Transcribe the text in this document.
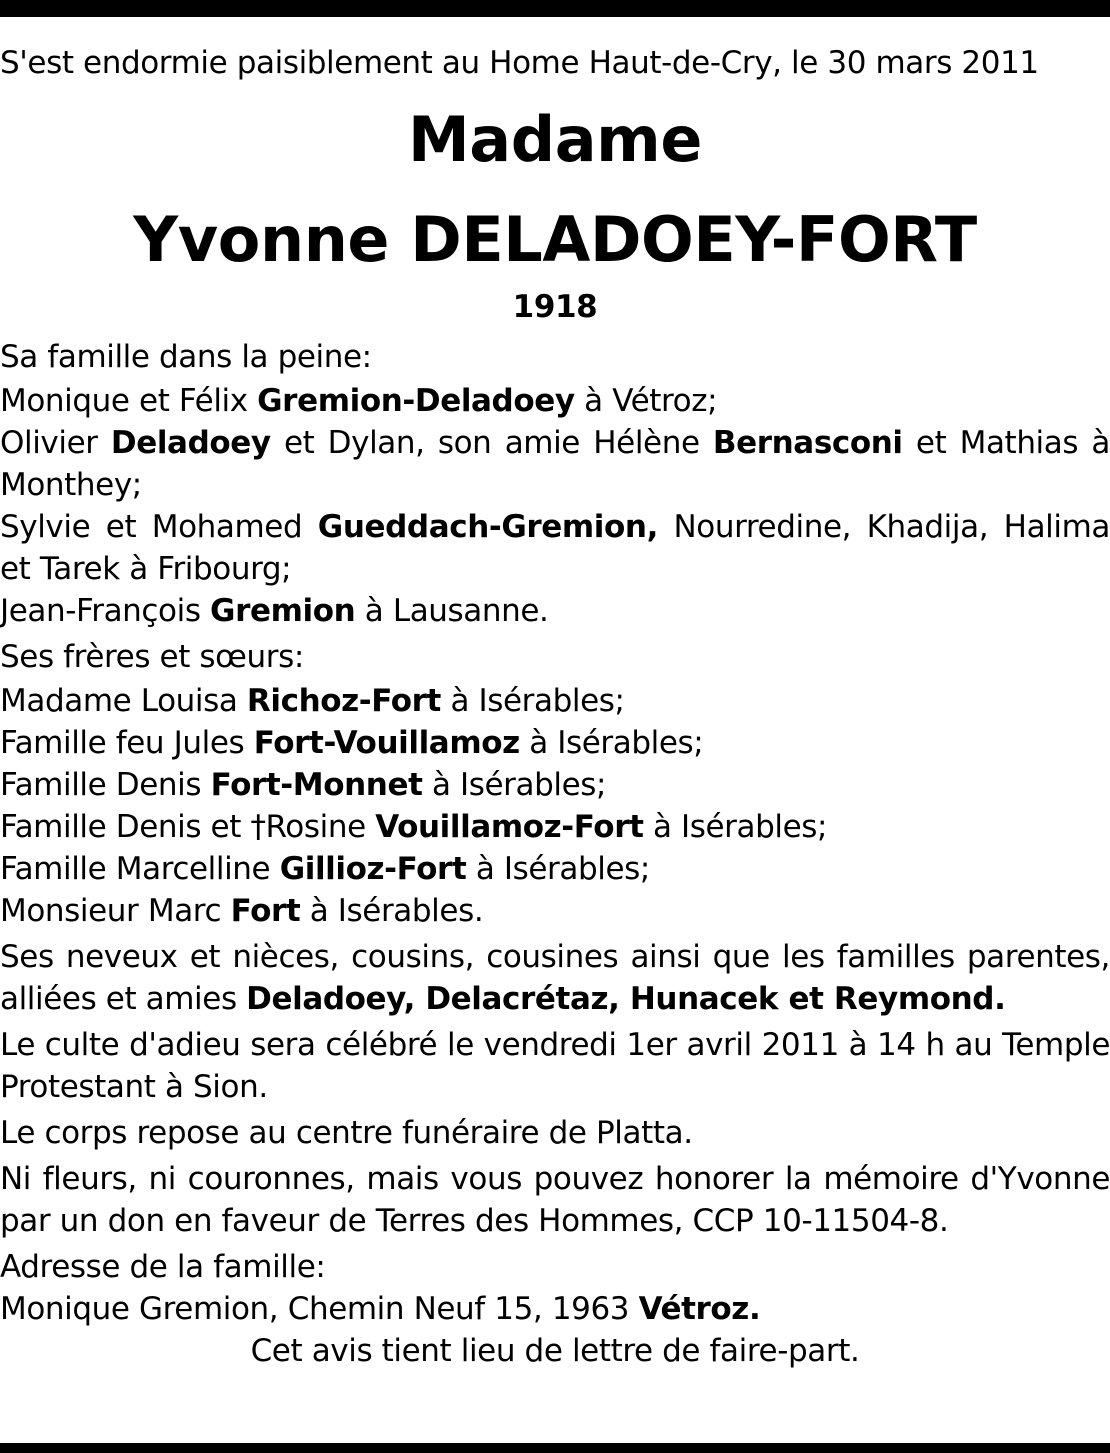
S'est endormie paisiblement au Home Haut-de-Cry, le 30 mars 2011

Madame

Yvonne DELADOEY-FORT

1918

Sa famille dans la peine:

Monique et Félix Gremion-Deladoey à Vétroz;

Olivier Deladoey et Dylan, son amie Hélène Bernasconi et Mathias à Monthey;

Sylvie et Mohamed Gueddach-Gremion, Nourredine, Khadija, Halima et Tarek à Fribourg;

Jean-François Gremion à Lausanne.

Ses frères et sœurs:

Madame Louisa Richoz-Fort à Isérables;

Famille feu Jules Fort-Vouillamoz à Isérables;

Famille Denis Fort-Monnet à Isérables;

Famille Denis et †Rosine Vouillamoz-Fort à Isérables;

Famille Marcelline Gillioz-Fort à Isérables;

Monsieur Marc Fort à Isérables.

Ses neveux et nièces, cousins, cousines ainsi que les familles parentes, alliées et amies Deladoey, Delacrétaz, Hunacek et Reymond.

Le culte d'adieu sera célébré le vendredi 1er avril 2011 à 14 h au Temple Protestant à Sion.

Le corps repose au centre funéraire de Platta.

Ni fleurs, ni couronnes, mais vous pouvez honorer la mémoire d'Yvonne par un don en faveur de Terres des Hommes, CCP 10-11504-8.

Adresse de la famille:

Monique Gremion, Chemin Neuf 15, 1963 Vétroz.

Cet avis tient lieu de lettre de faire-part.
